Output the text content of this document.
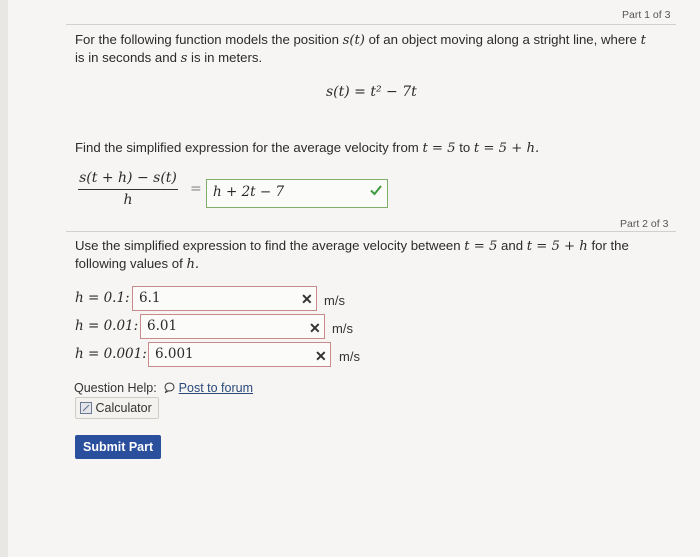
Part 1 of 3
For the following function models the position s(t) of an object moving along a stright line, where t
is in seconds and s is in meters.
s(t) = t² − 7t
Find the simplified expression for the average velocity from t = 5 to t = 5 + h.
s(t + h) − s(t)
h
= h + 2t − 7
Part 2 of 3
Use the simplified expression to find the average velocity between t = 5 and t = 5 + h for the
following values of h.
h = 0.1: 6.1	✕ m/s
h = 0.01: 6.01	✕ m/s
h = 0.001: 6.001	✕ m/s
Question Help: Post to forum
Calculator
Submit Part
